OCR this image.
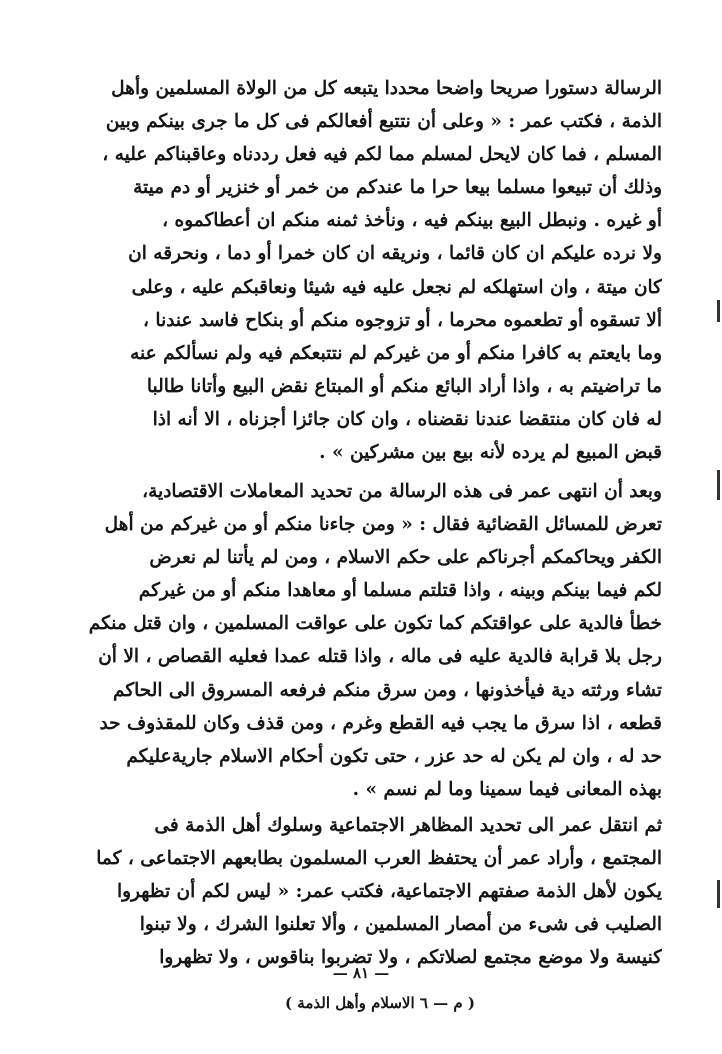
الرسالة دستورا صريحا واضحا محددا يتبعه كل من الولاة المسلمين وأهل
الذمة ، فكتب عمر : « وعلى أن نتتبع أفعالكم فى كل ما جرى بينكم وبين
المسلم ، فما كان لايحل لمسلم مما لكم فيه فعل رددناه وعاقبناكم عليه ،
وذلك أن تبيعوا مسلما بيعا حرا ما عندكم من خمر أو خنزير أو دم ميتة
أو غيره . ونبطل البيع بينكم فيه ، ونأخذ ثمنه منكم ان أعطاكموه ،
ولا نرده عليكم ان كان قائما ، ونريقه ان كان خمرا أو دما ، ونحرقه ان
كان ميتة ، وان استهلكه لم نجعل عليه فيه شيئا ونعاقبكم عليه ، وعلى
ألا تسقوه أو تطعموه محرما ، أو تزوجوه منكم أو بنكاح فاسد عندنا ،
وما بايعتم به كافرا منكم أو من غيركم لم نتتبعكم فيه ولم نسألكم عنه
ما تراضيتم به ، واذا أراد البائع منكم أو المبتاع نقض البيع وأتانا طالبا
له فان كان منتقضا عندنا نقضناه ، وان كان جائزا أجزناه ، الا أنه اذا
قبض المبيع لم يرده لأنه بيع بين مشركين » .
وبعد أن انتهى عمر فى هذه الرسالة من تحديد المعاملات الاقتصادية،
تعرض للمسائل القضائية فقال : « ومن جاءنا منكم أو من غيركم من أهل
الكفر ويحاكمكم أجرناكم على حكم الاسلام ، ومن لم يأتنا لم نعرض
لكم فيما بينكم وبينه ، واذا قتلتم مسلما أو معاهدا منكم أو من غيركم
خطأ فالدية على عواقتكم كما تكون على عواقت المسلمين ، وان قتل منكم
رجل بلا قرابة فالدية عليه فى ماله ، واذا قتله عمدا فعليه القصاص ، الا أن
تشاء ورثته دية فيأخذونها ، ومن سرق منكم فرفعه المسروق الى الحاكم
قطعه ، اذا سرق ما يجب فيه القطع وغرم ، ومن قذف وكان للمقذوف حد
حد له ، وان لم يكن له حد عزر ، حتى تكون أحكام الاسلام جاريةعليكم
بهذه المعانى فيما سمينا وما لم نسم » .
ثم انتقل عمر الى تحديد المظاهر الاجتماعية وسلوك أهل الذمة فى
المجتمع ، وأراد عمر أن يحتفظ العرب المسلمون بطابعهم الاجتماعى ، كما
يكون لأهل الذمة صفتهم الاجتماعية، فكتب عمر: « ليس لكم أن تظهروا
الصليب فى شىء من أمصار المسلمين ، وألا تعلنوا الشرك ، ولا تبنوا
كنيسة ولا موضع مجتمع لصلاتكم ، ولا تضربوا بناقوس ، ولا تظهروا
— ٨١ —
( م — ٦ الاسلام وأهل الذمة )
